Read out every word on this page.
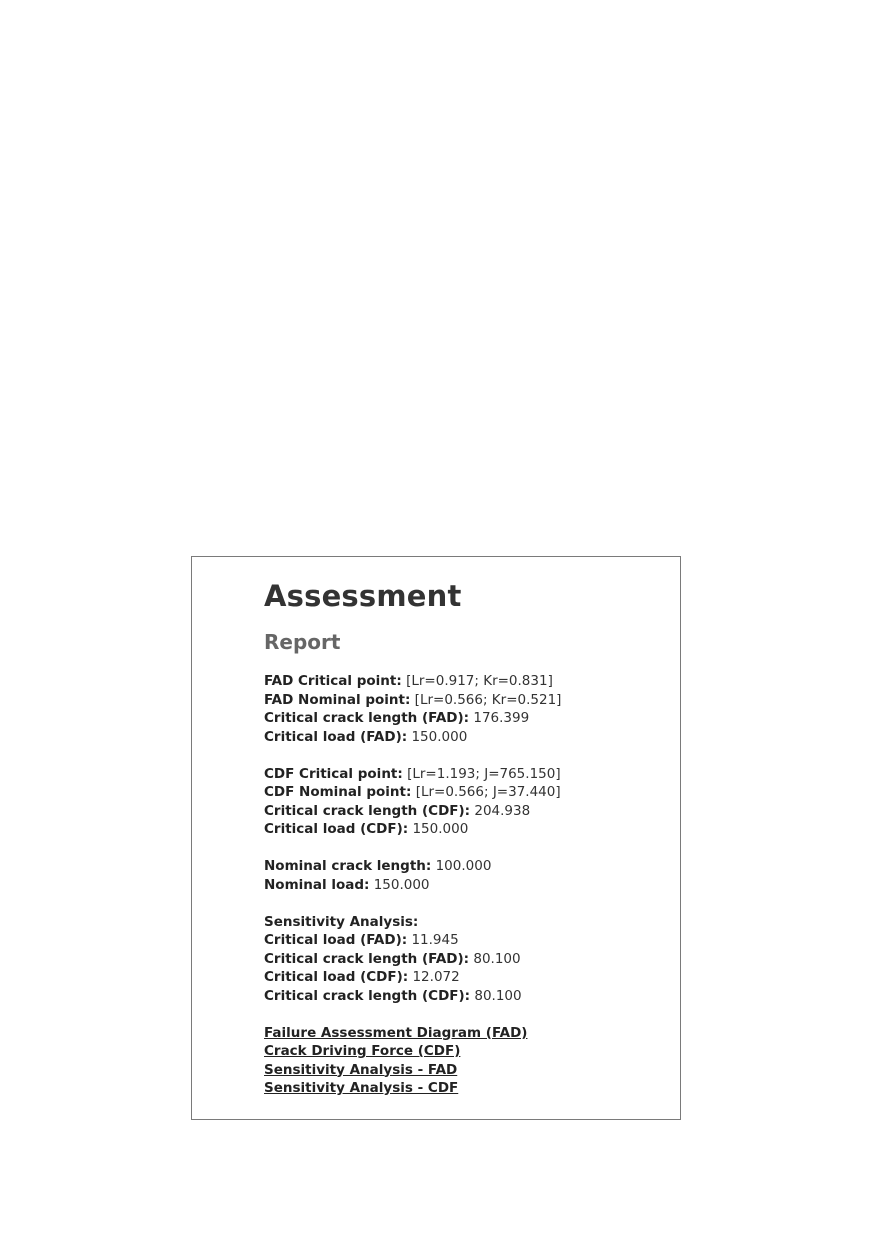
Assessment
Report
FAD Critical point: [Lr=0.917; Kr=0.831]
FAD Nominal point: [Lr=0.566; Kr=0.521]
Critical crack length (FAD): 176.399
Critical load (FAD): 150.000
CDF Critical point: [Lr=1.193; J=765.150]
CDF Nominal point: [Lr=0.566; J=37.440]
Critical crack length (CDF): 204.938
Critical load (CDF): 150.000
Nominal crack length: 100.000
Nominal load: 150.000
Sensitivity Analysis:
Critical load (FAD): 11.945
Critical crack length (FAD): 80.100
Critical load (CDF): 12.072
Critical crack length (CDF): 80.100
Failure Assessment Diagram (FAD)
Crack Driving Force (CDF)
Sensitivity Analysis - FAD
Sensitivity Analysis - CDF
